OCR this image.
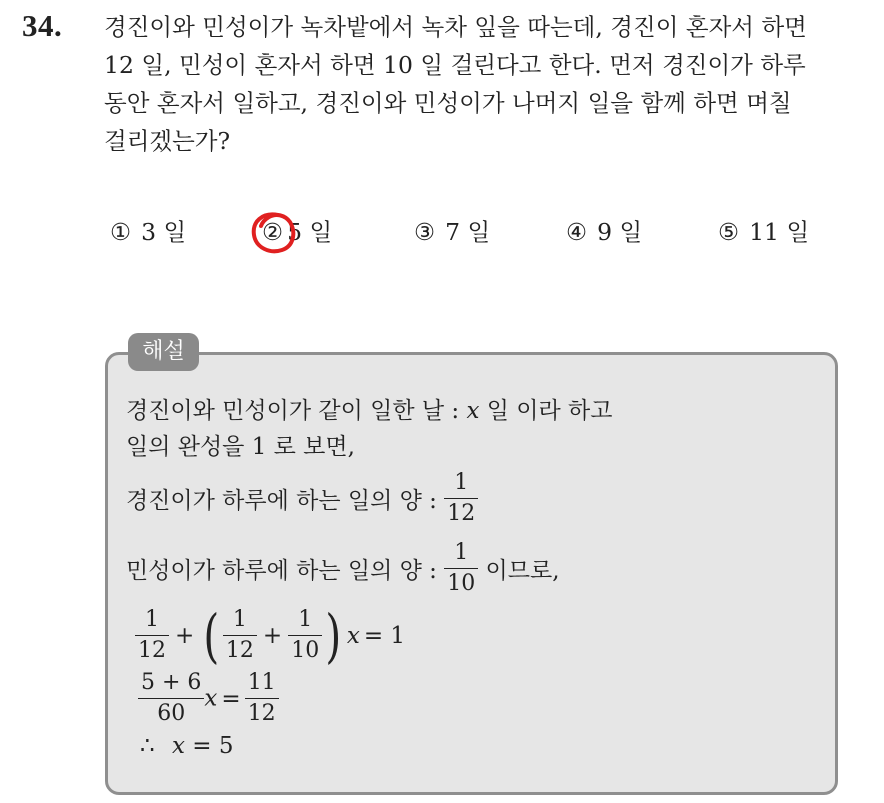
34. 경진이와 민성이가 녹차밭에서 녹차 잎을 따는데, 경진이 혼자서 하면
12 일, 민성이 혼자서 하면 10 일 걸린다고 한다. 먼저 경진이가 하루
동안 혼자서 일하고, 경진이와 민성이가 나머지 일을 함께 하면 며칠
걸리겠는가?
① 3 일	② 5 일	③ 7 일	④ 9 일	⑤ 11 일
해설
경진이와 민성이가 같이 일한 날 : x 일 이라 하고
일의 완성을 1 로 보면,
경진이가 하루에 하는 일의 양 : $\frac{1}{12}$
민성이가 하루에 하는 일의 양 : $\frac{1}{10}$ 이므로,
$\frac{1}{12}$ + ( $\frac{1}{12} + \frac{1}{10}$ ) x = 1
$\frac{5 + 6}{60}$ $x = \frac{11}{12}$
∴ x = 5
